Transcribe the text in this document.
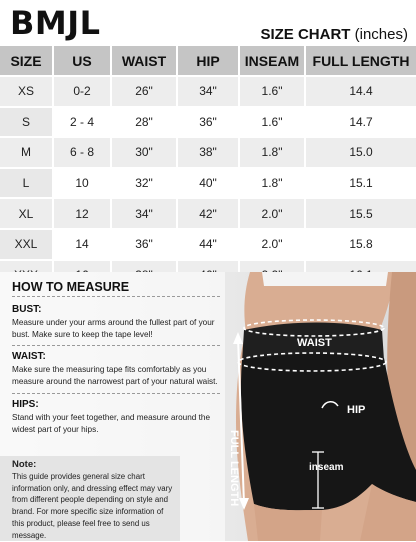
BMJL	SIZE CHART (inches)
SIZE	US	WAIST	HIP	INSEAM	FULL LENGTH
XS	0-2	26"	34"	1.6"	14.4
S	2 - 4	28"	36"	1.6"	14.7
M	6 - 8	30"	38"	1.8"	15.0
L	10	32"	40"	1.8"	15.1
XL	12	34"	42"	2.0"	15.5
XXL	14	36"	44"	2.0"	15.8

WAIST
FULL LENGTH
HIP
inseam
HOW TO MEASURE
BUST:
Measure under your arms around the fullest part of your bust. Make sure to keep the tape level!
WAIST:
Make sure the measuring tape fits comfortably as you measure around the narrowest part of your natural waist.
HIPS:
Stand with your feet together, and measure around the widest part of your hips.
Note:
This guide provides general size chart information only, and dressing effect may vary from different people depending on style and brand. For more specific size information of this product, please feel free to send us message.
